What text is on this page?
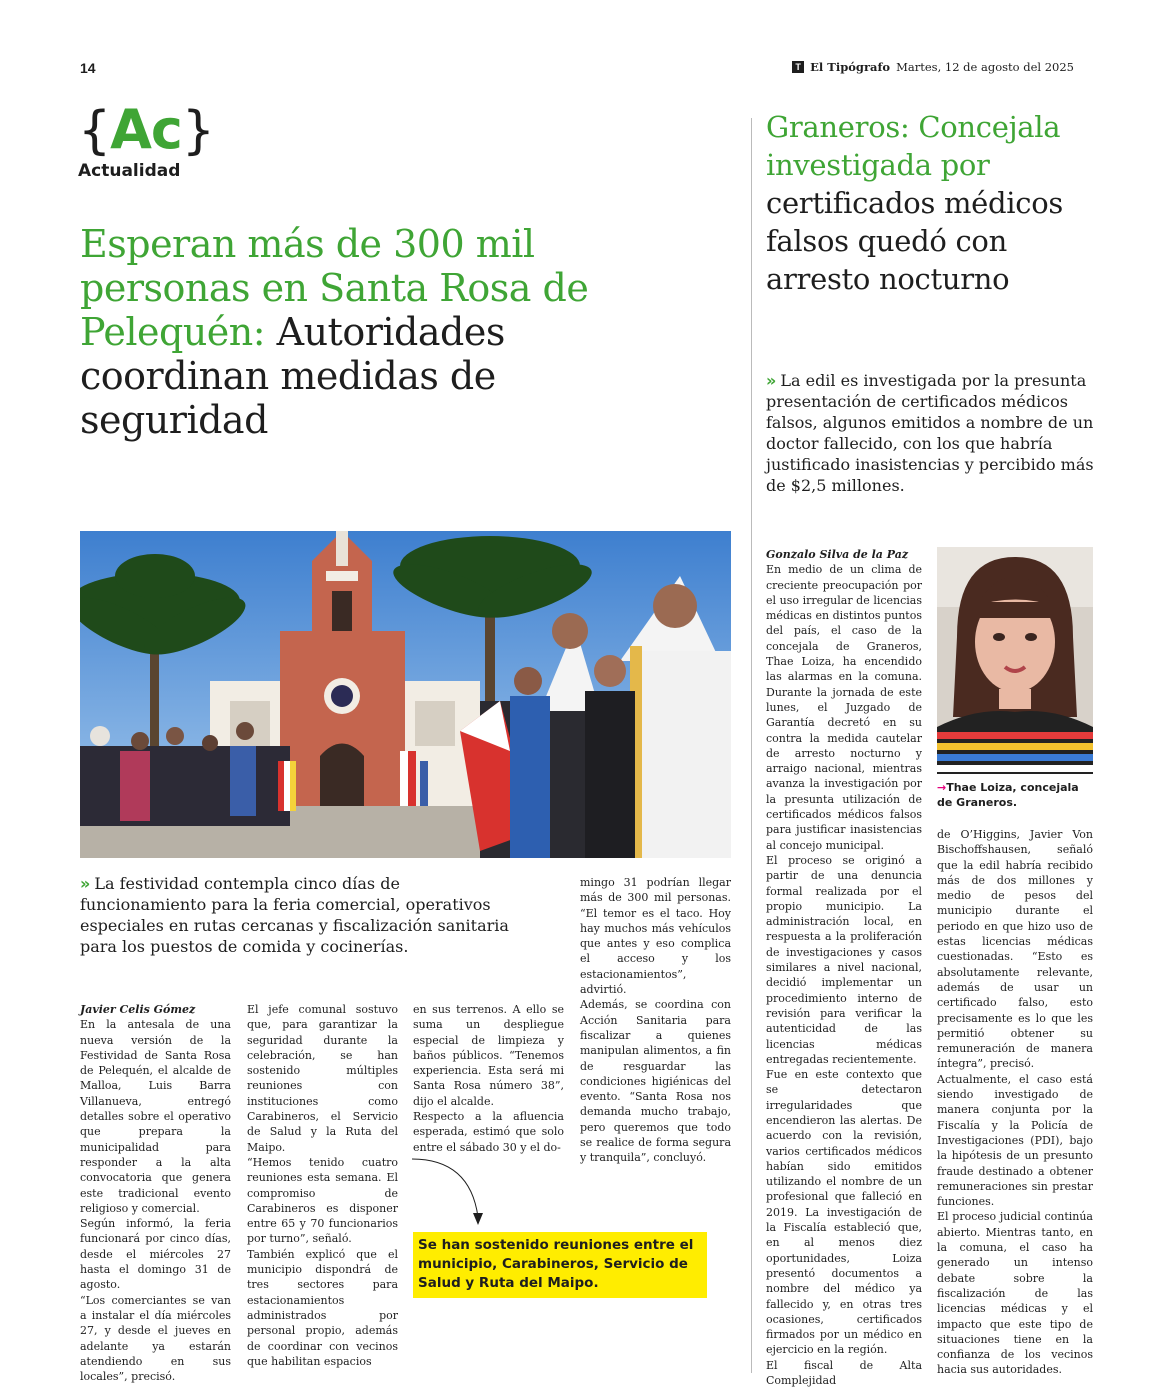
14	T El Tipógrafo Martes, 12 de agosto del 2025
{Ac}
Actualidad
Esperan más de 300 mil personas en Santa Rosa de Pelequén: Autoridades coordinan medidas de seguridad
» La festividad contempla cinco días de funcionamiento para la feria comercial, operativos especiales en rutas cercanas y fiscalización sanitaria para los puestos de comida y cocinerías.

Javier Celis Gómez

En la antesala de una nueva versión de la Festividad de Santa Rosa de Pelequén, el alcalde de Malloa, Luis Barra Villanueva, entregó detalles sobre el operativo que prepara la municipalidad para responder a la alta convocatoria que genera este tradicional evento religioso y comercial.

Según informó, la feria funcionará por cinco días, desde el miércoles 27 hasta el domingo 31 de agosto.

“Los comerciantes se van a instalar el día miércoles 27, y desde el jueves en adelante ya estarán atendiendo en sus locales”, precisó.

El jefe comunal sostuvo que, para garantizar la seguridad durante la celebración, se han sostenido múltiples reuniones con instituciones como Carabineros, el Servicio de Salud y la Ruta del Maipo.

“Hemos tenido cuatro reuniones esta semana. El compromiso de Carabineros es disponer entre 65 y 70 funcionarios por turno”, señaló.

También explicó que el municipio dispondrá de tres sectores para estacionamientos administrados por personal propio, además de coordinar con vecinos que habilitan espacios

en sus terrenos. A ello se suma un despliegue especial de limpieza y baños públicos. “Tenemos experiencia. Esta será mi Santa Rosa número 38”, dijo el alcalde.

Respecto a la afluencia esperada, estimó que solo entre el sábado 30 y el do-

Se han sostenido reuniones entre el municipio, Carabineros, Servicio de Salud y Ruta del Maipo.

mingo 31 podrían llegar más de 300 mil personas. “El temor es el taco. Hoy hay muchos más vehículos que antes y eso complica el acceso y los estacionamientos”, advirtió.

Además, se coordina con Acción Sanitaria para fiscalizar a quienes manipulan alimentos, a fin de resguardar las condiciones higiénicas del evento. “Santa Rosa nos demanda mucho trabajo, pero queremos que todo se realice de forma segura y tranquila”, concluyó.

Graneros: Concejala investigada por certificados médicos falsos quedó con arresto nocturno
» La edil es investigada por la presunta presentación de certificados médicos falsos, algunos emitidos a nombre de un doctor fallecido, con los que habría justificado inasistencias y percibido más de $2,5 millones.

Gonzalo Silva de la Paz

En medio de un clima de creciente preocupación por el uso irregular de licencias médicas en distintos puntos del país, el caso de la concejala de Graneros, Thae Loiza, ha encendido las alarmas en la comuna. Durante la jornada de este lunes, el Juzgado de Garantía decretó en su contra la medida cautelar de arresto nocturno y arraigo nacional, mientras avanza la investigación por la presunta utilización de certificados médicos falsos para justificar inasistencias al concejo municipal.

El proceso se originó a partir de una denuncia formal realizada por el propio municipio. La administración local, en respuesta a la proliferación de investigaciones y casos similares a nivel nacional, decidió implementar un procedimiento interno de revisión para verificar la autenticidad de las licencias médicas entregadas recientemente.

Fue en este contexto que se detectaron irregularidades que encendieron las alertas. De acuerdo con la revisión, varios certificados médicos habían sido emitidos utilizando el nombre de un profesional que falleció en 2019. La investigación de la Fiscalía estableció que, en al menos diez oportunidades, Loiza presentó documentos a nombre del médico ya fallecido y, en otras tres ocasiones, certificados firmados por un médico en ejercicio en la región.

El fiscal de Alta Complejidad

→Thae Loiza, concejala de Graneros.

de O’Higgins, Javier Von Bischoffshausen, señaló que la edil habría recibido más de dos millones y medio de pesos del municipio durante el periodo en que hizo uso de estas licencias médicas cuestionadas. “Esto es absolutamente relevante, además de usar un certificado falso, esto precisamente es lo que les permitió obtener su remuneración de manera íntegra”, precisó.

Actualmente, el caso está siendo investigado de manera conjunta por la Fiscalía y la Policía de Investigaciones (PDI), bajo la hipótesis de un presunto fraude destinado a obtener remuneraciones sin prestar funciones.

El proceso judicial continúa abierto. Mientras tanto, en la comuna, el caso ha generado un intenso debate sobre la fiscalización de las licencias médicas y el impacto que este tipo de situaciones tiene en la confianza de los vecinos hacia sus autoridades.
